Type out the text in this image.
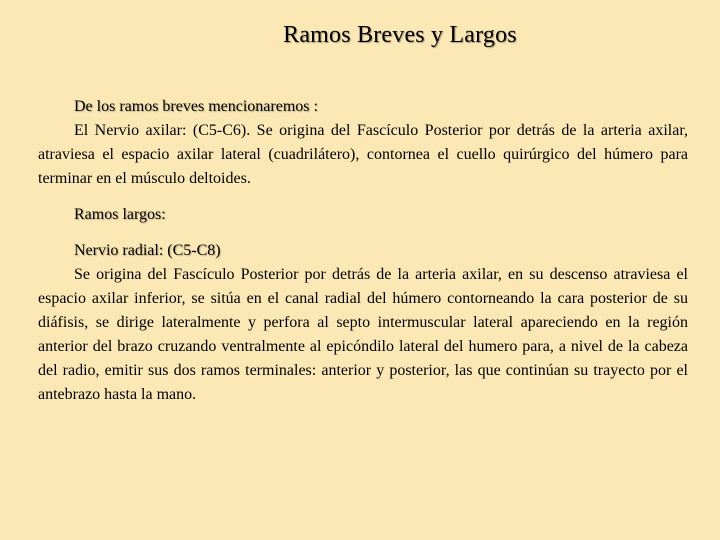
Ramos Breves y Largos

De los ramos breves mencionaremos :

El Nervio axilar: (C5-C6). Se origina del Fascículo Posterior por detrás de la arteria axilar, atraviesa el espacio axilar lateral (cuadrilátero), contornea el cuello quirúrgico del húmero para terminar en el músculo deltoides.

Ramos largos:

Nervio radial: (C5-C8)

Se origina del Fascículo Posterior por detrás de la arteria axilar, en su descenso atraviesa el espacio axilar inferior, se sitúa en el canal radial del húmero contorneando la cara posterior de su diáfisis, se dirige lateralmente y perfora al septo intermuscular lateral apareciendo en la región anterior del brazo cruzando ventralmente al epicóndilo lateral del humero para, a nivel de la cabeza del radio, emitir sus dos ramos terminales: anterior y posterior, las que continúan su trayecto por el antebrazo hasta la mano.
